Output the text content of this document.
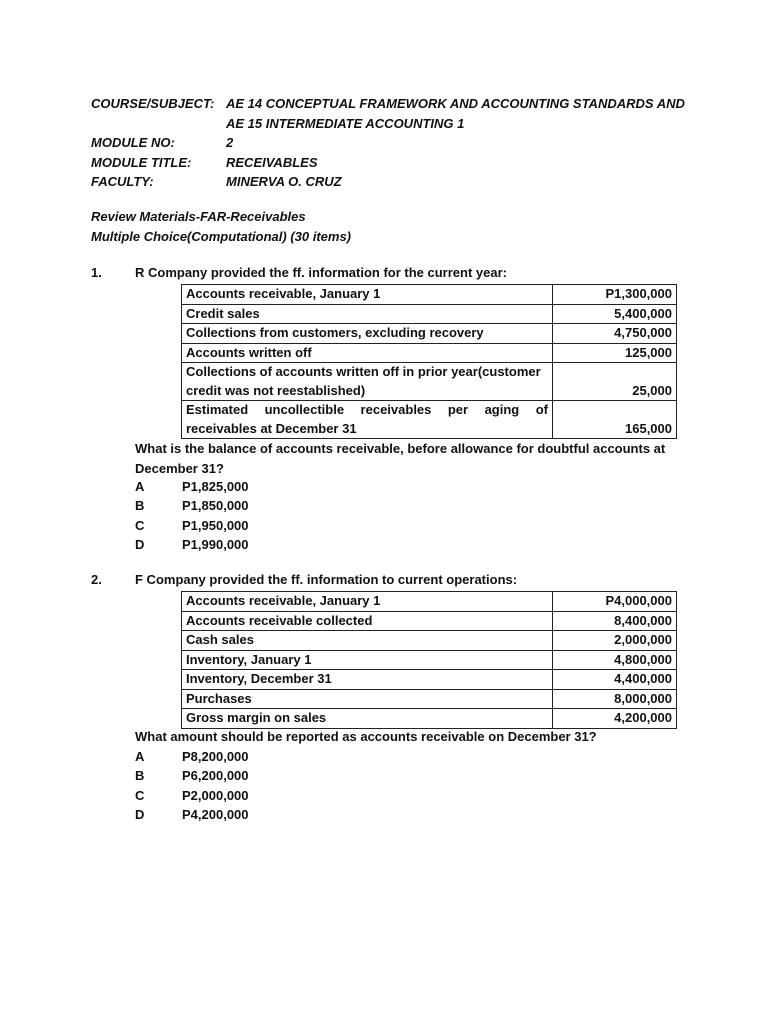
COURSE/SUBJECT: AE 14 CONCEPTUAL FRAMEWORK AND ACCOUNTING STANDARDS AND
AE 15 INTERMEDIATE ACCOUNTING 1
MODULE NO:	2
MODULE TITLE:	RECEIVABLES
FACULTY:	MINERVA O. CRUZ
Review Materials-FAR-Receivables
Multiple Choice(Computational) (30 items)
1.	R Company provided the ff. information for the current year:
Accounts receivable, January 1	P1,300,000
Credit sales	5,400,000
Collections from customers, excluding recovery	4,750,000
Accounts written off	125,000

Collections of accounts written off in prior year(customer
credit was not reestablished)	25,000

Estimated uncollectible receivables per aging of
receivables at December 31	165,000
What is the balance of accounts receivable, before allowance for doubtful accounts at December 31?
A	P1,825,000
B	P1,850,000
C	P1,950,000
D	P1,990,000
2.	F Company provided the ff. information to current operations:
Accounts receivable, January 1	P4,000,000
Accounts receivable collected	8,400,000
Cash sales	2,000,000
Inventory, January 1	4,800,000
Inventory, December 31	4,400,000
Purchases	8,000,000
Gross margin on sales	4,200,000
What amount should be reported as accounts receivable on December 31?
A	P8,200,000
B	P6,200,000
C	P2,000,000
D	P4,200,000
